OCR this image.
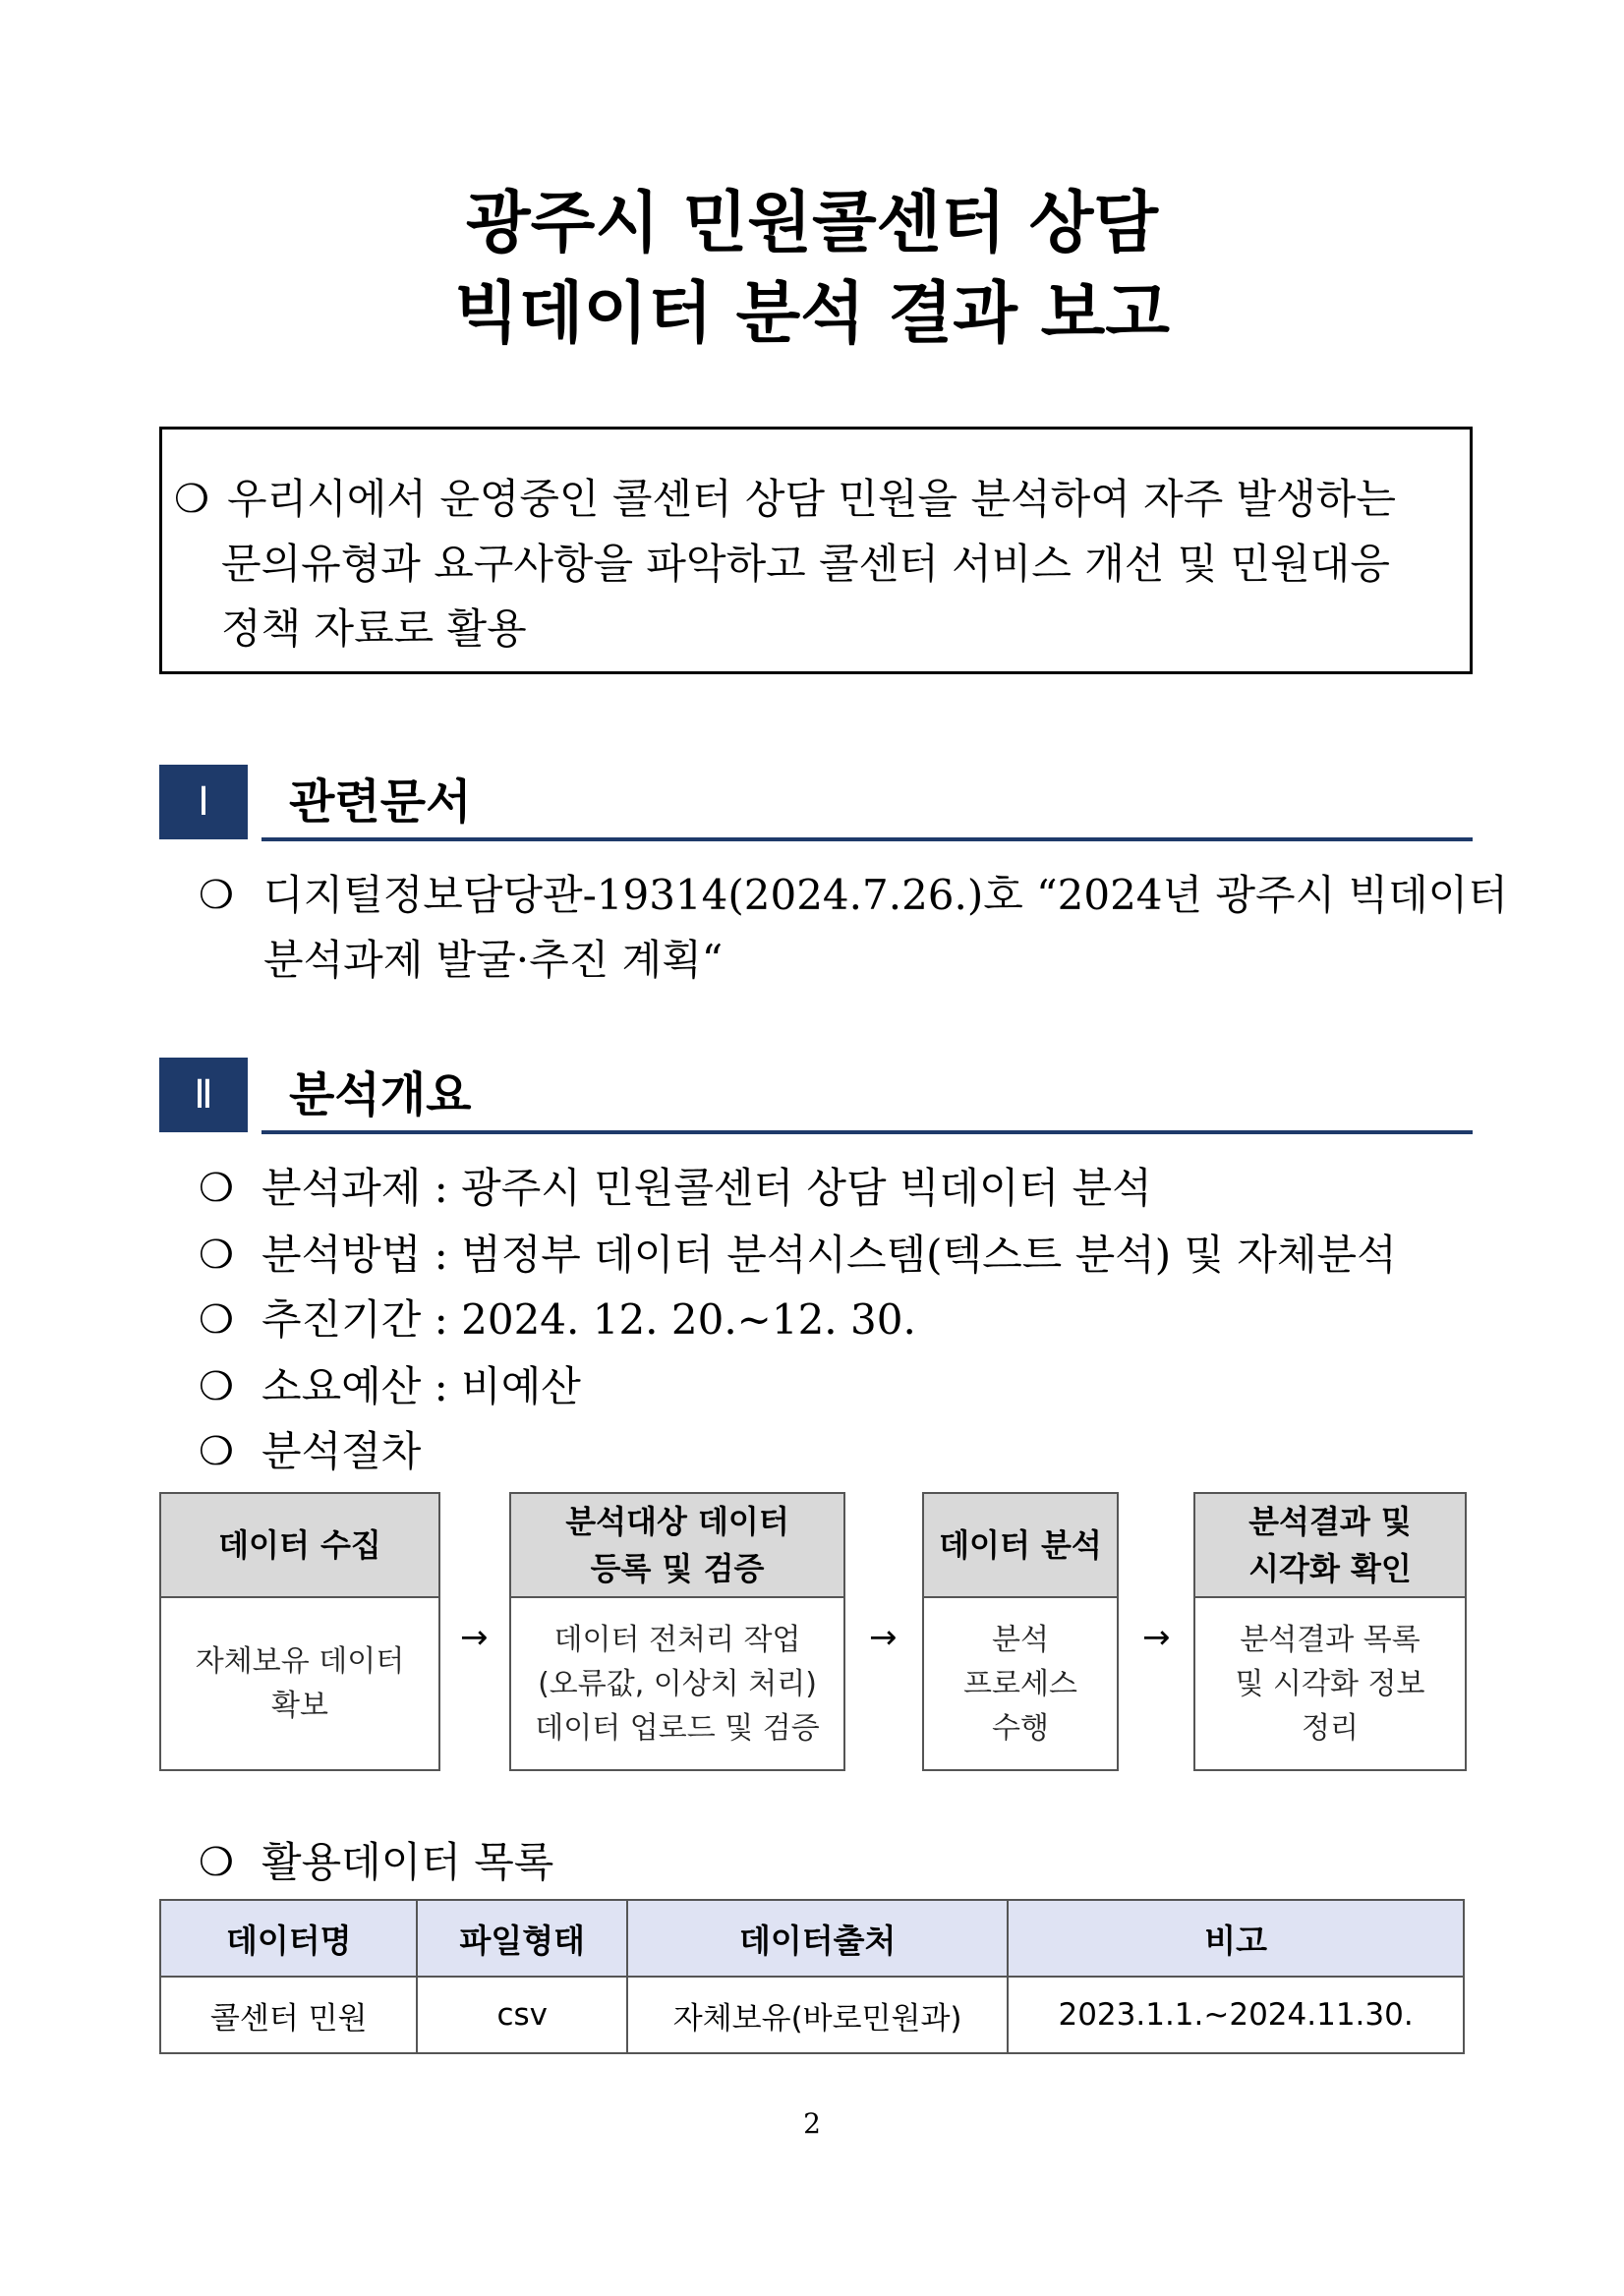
광주시 민원콜센터 상담
빅데이터 분석 결과 보고
❍ 우리시에서 운영중인 콜센터 상담 민원을 분석하여 자주 발생하는
문의유형과 요구사항을 파악하고 콜센터 서비스 개선 및 민원대응
정책 자료로 활용
Ⅰ	관련문서
❍ 디지털정보담당관-19314(2024.7.26.)호 “2024년 광주시 빅데이터
분석과제 발굴·추진 계획“
Ⅱ	분석개요
❍ 분석과제 : 광주시 민원콜센터 상담 빅데이터 분석
❍ 분석방법 : 범정부 데이터 분석시스템(텍스트 분석) 및 자체분석
❍ 추진기간 : 2024. 12. 20.~12. 30.
❍ 소요예산 : 비예산
❍ 분석절차
데이터 수집
자체보유 데이터
확보
→
분석대상 데이터
등록 및 검증
데이터 전처리 작업
(오류값, 이상치 처리)
데이터 업로드 및 검증
→
데이터 분석
분석
프로세스
수행
→
분석결과 및
시각화 확인
분석결과 목록
및 시각화 정보
정리
❍ 활용데이터 목록
데이터명	파일형태	데이터출처	비고
콜센터 민원	csv	자체보유(바로민원과)	2023.1.1.~2024.11.30.
2
